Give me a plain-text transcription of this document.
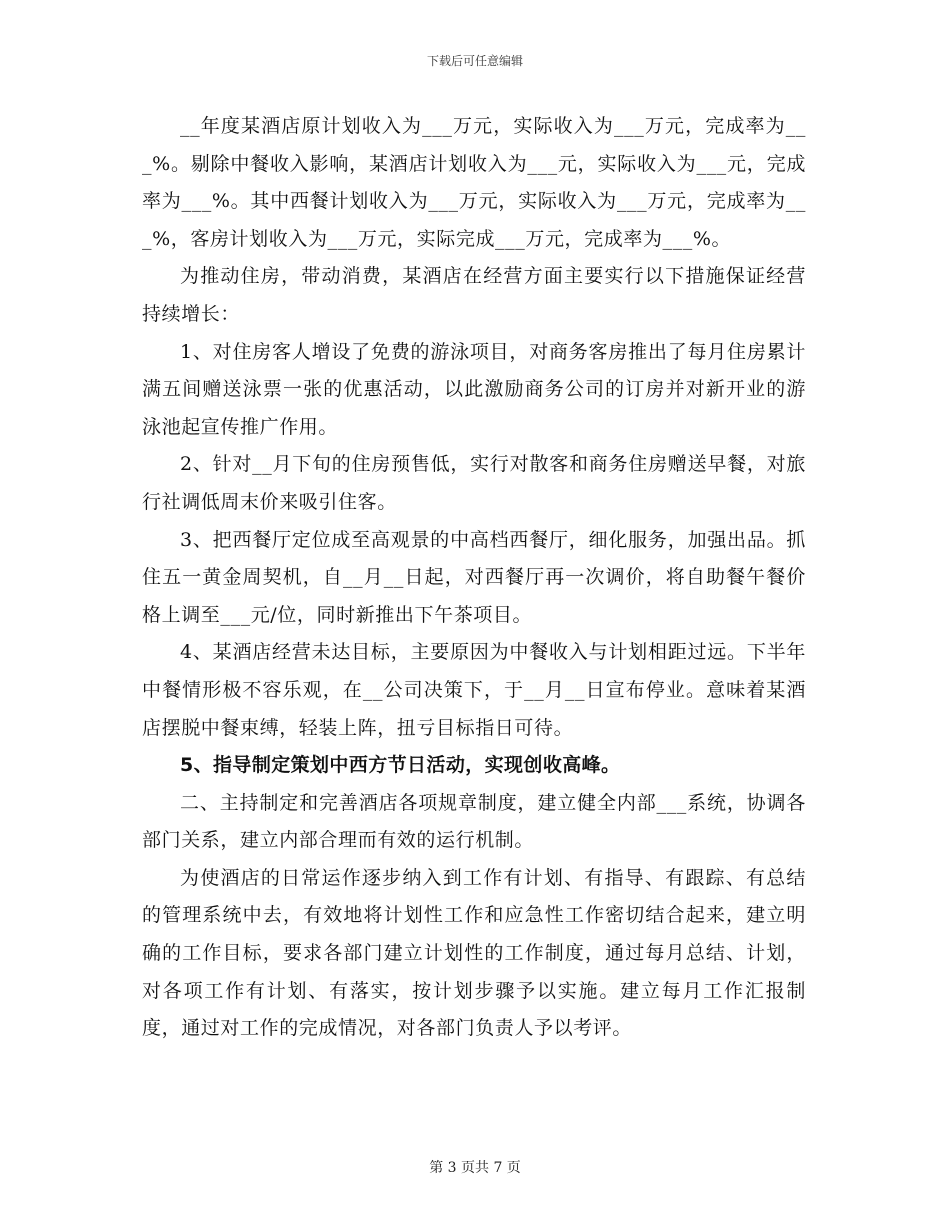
下载后可任意编辑

__年度某酒店原计划收入为___万元，实际收入为___万元，完成率为___%。剔除中餐收入影响，某酒店计划收入为___元，实际收入为___元，完成率为___%。其中西餐计划收入为___万元，实际收入为___万元，完成率为___%，客房计划收入为___万元，实际完成___万元，完成率为___%。

为推动住房，带动消费，某酒店在经营方面主要实行以下措施保证经营持续增长：

1、对住房客人增设了免费的游泳项目，对商务客房推出了每月住房累计满五间赠送泳票一张的优惠活动，以此激励商务公司的订房并对新开业的游泳池起宣传推广作用。

2、针对__月下旬的住房预售低，实行对散客和商务住房赠送早餐，对旅行社调低周末价来吸引住客。

3、把西餐厅定位成至高观景的中高档西餐厅，细化服务，加强出品。抓住五一黄金周契机，自__月__日起，对西餐厅再一次调价，将自助餐午餐价格上调至___元/位，同时新推出下午茶项目。

4、某酒店经营未达目标，主要原因为中餐收入与计划相距过远。下半年中餐情形极不容乐观，在__公司决策下，于__月__日宣布停业。意味着某酒店摆脱中餐束缚，轻装上阵，扭亏目标指日可待。

5、指导制定策划中西方节日活动，实现创收高峰。

二、主持制定和完善酒店各项规章制度，建立健全内部___系统，协调各部门关系，建立内部合理而有效的运行机制。

为使酒店的日常运作逐步纳入到工作有计划、有指导、有跟踪、有总结的管理系统中去，有效地将计划性工作和应急性工作密切结合起来，建立明确的工作目标，要求各部门建立计划性的工作制度，通过每月总结、计划，对各项工作有计划、有落实，按计划步骤予以实施。建立每月工作汇报制度，通过对工作的完成情况，对各部门负责人予以考评。

第 3 页共 7 页
